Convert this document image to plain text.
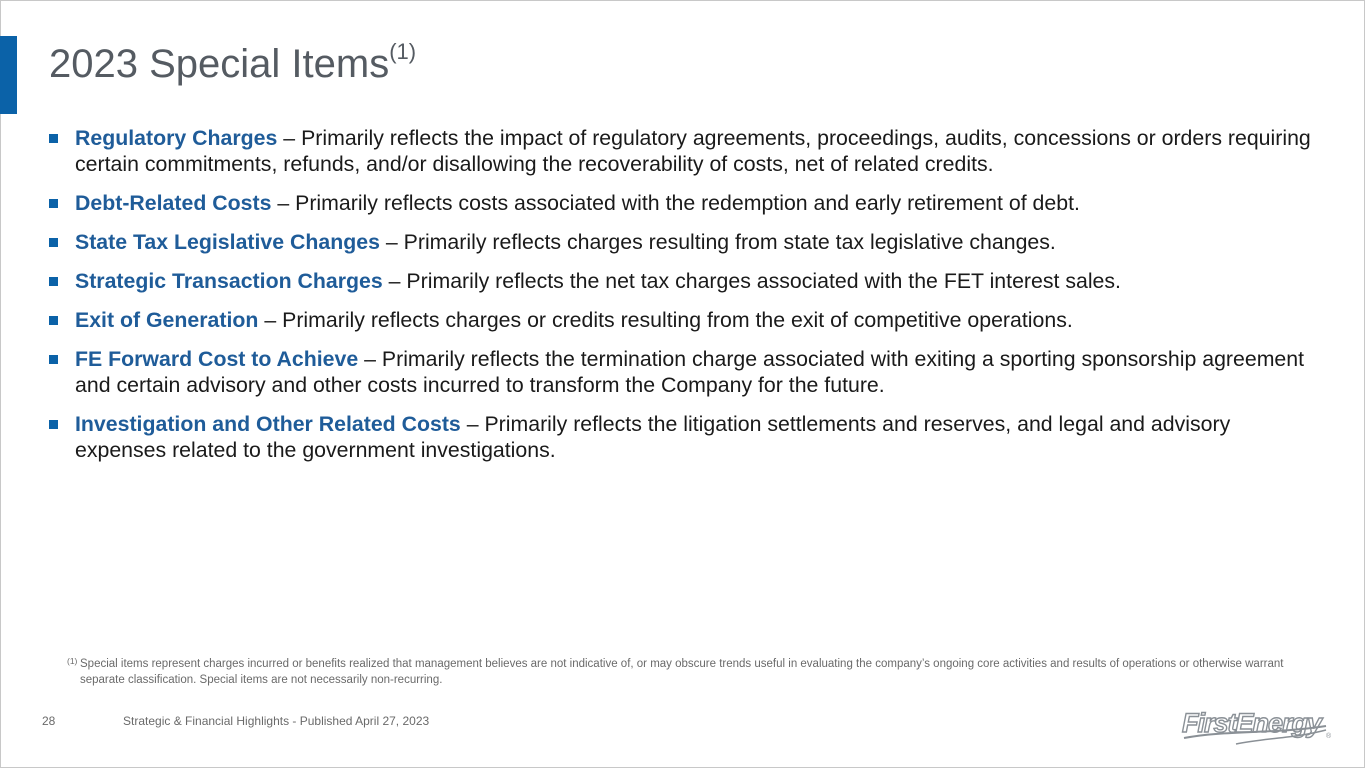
2023 Special Items$^{(1)}$
Regulatory Charges – Primarily reflects the impact of regulatory agreements, proceedings, audits, concessions or orders requiring certain commitments, refunds, and/or disallowing the recoverability of costs, net of related credits.
Debt-Related Costs – Primarily reflects costs associated with the redemption and early retirement of debt.
State Tax Legislative Changes – Primarily reflects charges resulting from state tax legislative changes.
Strategic Transaction Charges – Primarily reflects the net tax charges associated with the FET interest sales.
Exit of Generation – Primarily reflects charges or credits resulting from the exit of competitive operations.
FE Forward Cost to Achieve – Primarily reflects the termination charge associated with exiting a sporting sponsorship agreement and certain advisory and other costs incurred to transform the Company for the future.
Investigation and Other Related Costs – Primarily reflects the litigation settlements and reserves, and legal and advisory expenses related to the government investigations.
(1) Special items represent charges incurred or benefits realized that management believes are not indicative of, or may obscure trends useful in evaluating the company’s ongoing core activities and results of operations or otherwise warrant separate classification. Special items are not necessarily non-recurring.
28	Strategic & Financial Highlights - Published April 27, 2023	FirstEnergy ®
